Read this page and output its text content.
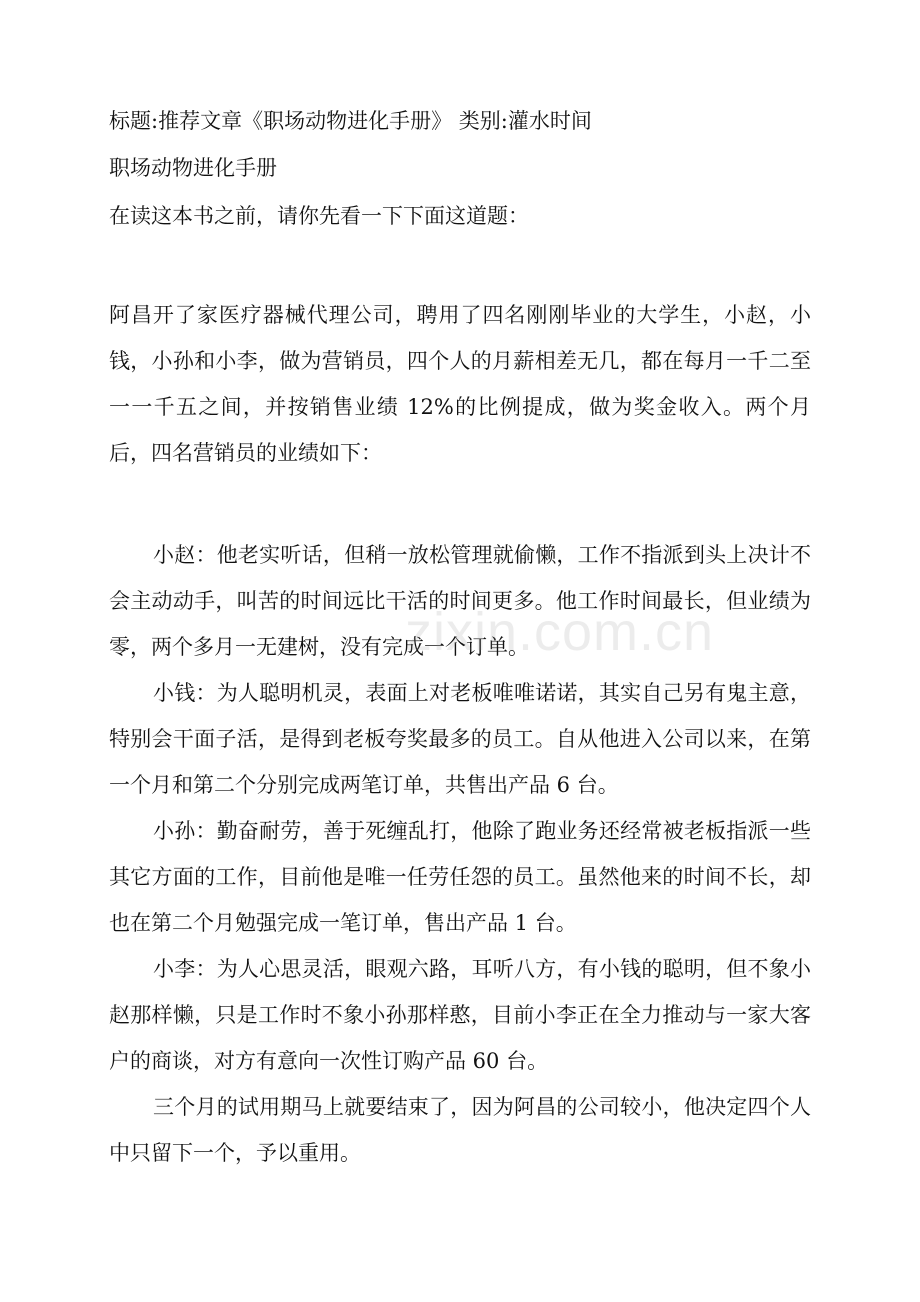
标题:推荐文章《职场动物进化手册》 类别:灌水时间
职场动物进化手册
在读这本书之前，请你先看一下下面这道题：
阿昌开了家医疗器械代理公司，聘用了四名刚刚毕业的大学生，小赵，小钱，小孙和小李，做为营销员，四个人的月薪相差无几，都在每月一千二至一一千五之间，并按销售业绩 12%的比例提成，做为奖金收入。两个月后，四名营销员的业绩如下：
小赵：他老实听话，但稍一放松管理就偷懒，工作不指派到头上决计不会主动动手，叫苦的时间远比干活的时间更多。他工作时间最长，但业绩为零，两个多月一无建树，没有完成一个订单。
小钱：为人聪明机灵，表面上对老板唯唯诺诺，其实自己另有鬼主意，特别会干面子活，是得到老板夸奖最多的员工。自从他进入公司以来，在第一个月和第二个分别完成两笔订单，共售出产品 6 台。
小孙：勤奋耐劳，善于死缠乱打，他除了跑业务还经常被老板指派一些其它方面的工作，目前他是唯一任劳任怨的员工。虽然他来的时间不长，却也在第二个月勉强完成一笔订单，售出产品 1 台。
小李：为人心思灵活，眼观六路，耳听八方，有小钱的聪明，但不象小赵那样懒，只是工作时不象小孙那样憨，目前小李正在全力推动与一家大客户的商谈，对方有意向一次性订购产品 60 台。
三个月的试用期马上就要结束了，因为阿昌的公司较小，他决定四个人中只留下一个，予以重用。
zixin.com.cn
